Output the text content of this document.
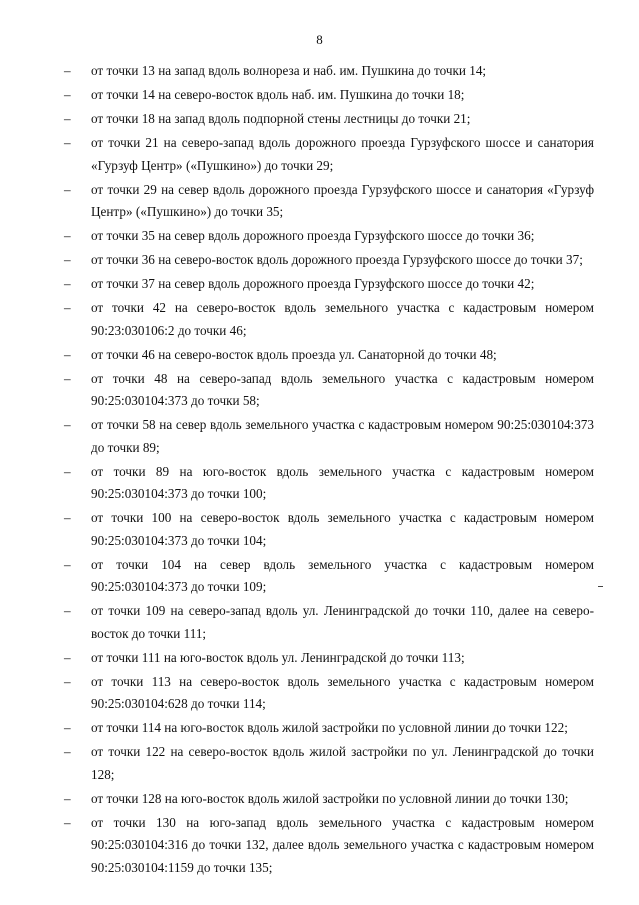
8
–	от точки 13 на запад вдоль волнореза и наб. им. Пушкина до точки 14;
–	от точки 14 на северо-восток вдоль наб. им. Пушкина до точки 18;
–	от точки 18 на запад вдоль подпорной стены лестницы до точки 21;
–	от точки 21 на северо-запад вдоль дорожного проезда Гурзуфского шоссе и санатория «Гурзуф Центр» («Пушкино») до точки 29;
–	от точки 29 на север вдоль дорожного проезда Гурзуфского шоссе и санатория «Гурзуф Центр» («Пушкино») до точки 35;
–	от точки 35 на север вдоль дорожного проезда Гурзуфского шоссе до точки 36;
–	от точки 36 на северо-восток вдоль дорожного проезда Гурзуфского шоссе до точки 37;
–	от точки 37 на север вдоль дорожного проезда Гурзуфского шоссе до точки 42;
–	от точки 42 на северо-восток вдоль земельного участка с кадастровым номером 90:23:030106:2 до точки 46;
–	от точки 46 на северо-восток вдоль проезда ул. Санаторной до точки 48;
–	от точки 48 на северо-запад вдоль земельного участка с кадастровым номером 90:25:030104:373 до точки 58;
–	от точки 58 на север вдоль земельного участка с кадастровым номером 90:25:030104:373 до точки 89;
–	от точки 89 на юго-восток вдоль земельного участка с кадастровым номером 90:25:030104:373 до точки 100;
–	от точки 100 на северо-восток вдоль земельного участка с кадастровым номером 90:25:030104:373 до точки 104;
–	от точки 104 на север вдоль земельного участка с кадастровым номером 90:25:030104:373 до точки 109;
–	от точки 109 на северо-запад вдоль ул. Ленинградской до точки 110, далее на северо-восток до точки 111;
–	от точки 111 на юго-восток вдоль ул. Ленинградской до точки 113;
–	от точки 113 на северо-восток вдоль земельного участка с кадастровым номером 90:25:030104:628 до точки 114;
–	от точки 114 на юго-восток вдоль жилой застройки по условной линии до точки 122;
–	от точки 122 на северо-восток вдоль жилой застройки по ул. Ленинградской до точки 128;
–	от точки 128 на юго-восток вдоль жилой застройки по условной линии до точки 130;
–	от точки 130 на юго-запад вдоль земельного участка с кадастровым номером 90:25:030104:316 до точки 132, далее вдоль земельного участка с кадастровым номером 90:25:030104:1159 до точки 135;
